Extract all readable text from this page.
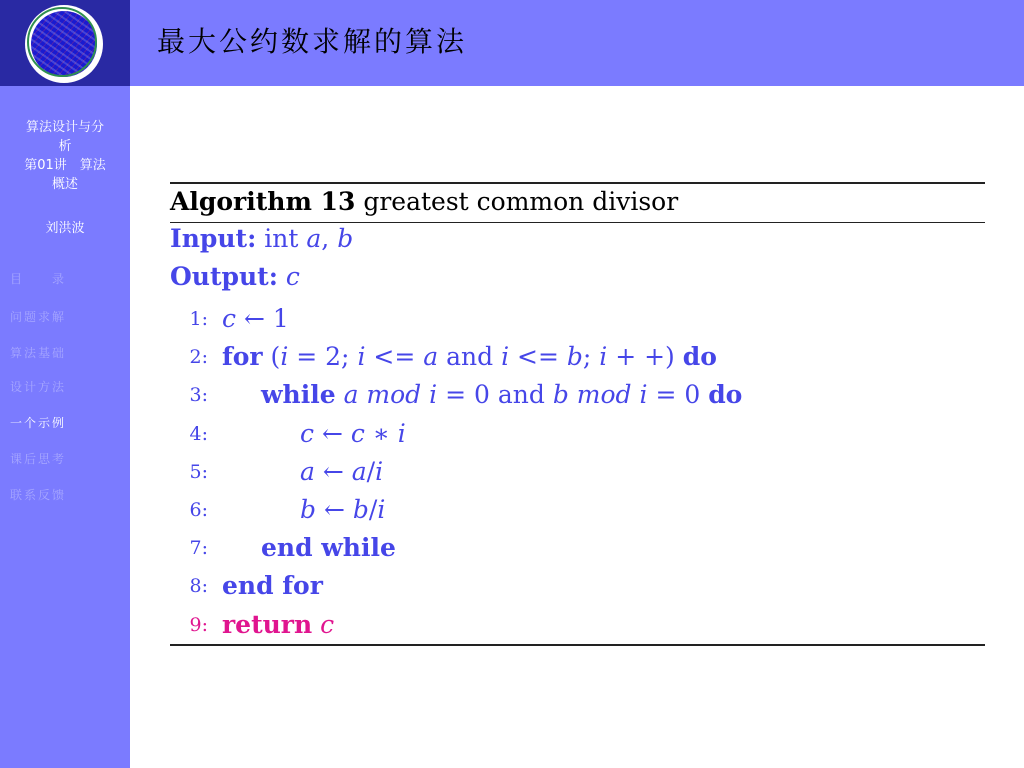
算法设计与分
析
第01讲　算法
概述
刘洪波
目　　录
问题求解
算法基础
设计方法
一个示例
课后思考
联系反馈
最大公约数求解的算法
Algorithm 13 greatest common divisor
Input: int a, b
Output: c
1: c ← 1
2: for (i = 2; i <= a and i <= b; i + +) do
3: while a mod i = 0 and b mod i = 0 do
4:	c ← c ∗ i
5:	a ← a/i
6:	b ← b/i
7: end while
8: end for
9: return c
